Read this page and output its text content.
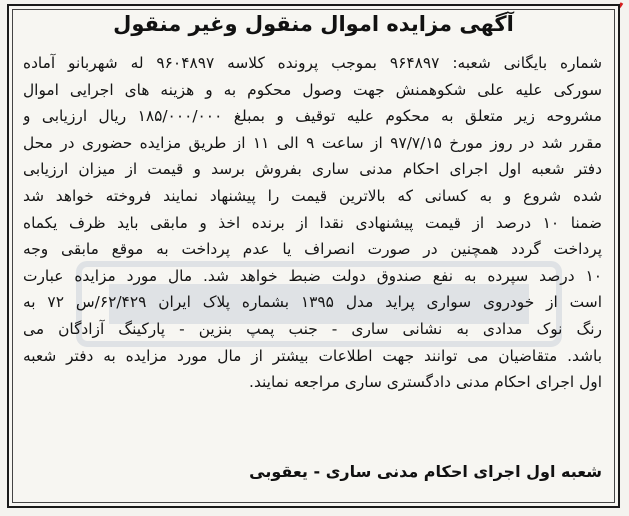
آگهی مزایده اموال منقول وغیر منقول
شماره بایگانی شعبه: ۹۶۴۸۹۷ بموجب پرونده کلاسه ۹۶۰۴۸۹۷ له شهربانو آماده
سورکی علیه علی شکوهمنش جهت وصول محکوم به و هزینه های اجرایی اموال
مشروحه زیر متعلق به محکوم علیه توقیف و بمبلغ ۱۸۵/۰۰۰/۰۰۰ ریال ارزیابی و
مقرر شد در روز مورخ ۹۷/۷/۱۵ از ساعت ۹ الی ۱۱ از طریق مزایده حضوری در محل
دفتر شعبه اول اجرای احکام مدنی ساری بفروش برسد و قیمت از میزان ارزیابی
شده شروع و به کسانی که بالاترین قیمت را پیشنهاد نمایند فروخته خواهد شد
ضمنا ۱۰ درصد از قیمت پیشنهادی نقدا از برنده اخذ و مابقی باید ظرف یکماه
پرداخت گردد همچنین در صورت انصراف یا عدم پرداخت به موقع مابقی وجه
۱۰ درصد سپرده به نفع صندوق دولت ضبط خواهد شد. مال مورد مزایده عبارت
است از خودروی سواری پراید مدل ۱۳۹۵ بشماره پلاک ایران ۶۲/۴۲۹/س ۷۲ به
رنگ نوک مدادی به نشانی ساری - جنب پمپ بنزین - پارکینگ آزادگان می
باشد. متقاضیان می توانند جهت اطلاعات بیشتر از مال مورد مزایده به دفتر شعبه
اول اجرای احکام مدنی دادگستری ساری مراجعه نمایند.
شعبه اول اجرای احکام مدنی ساری - یعقوبی
